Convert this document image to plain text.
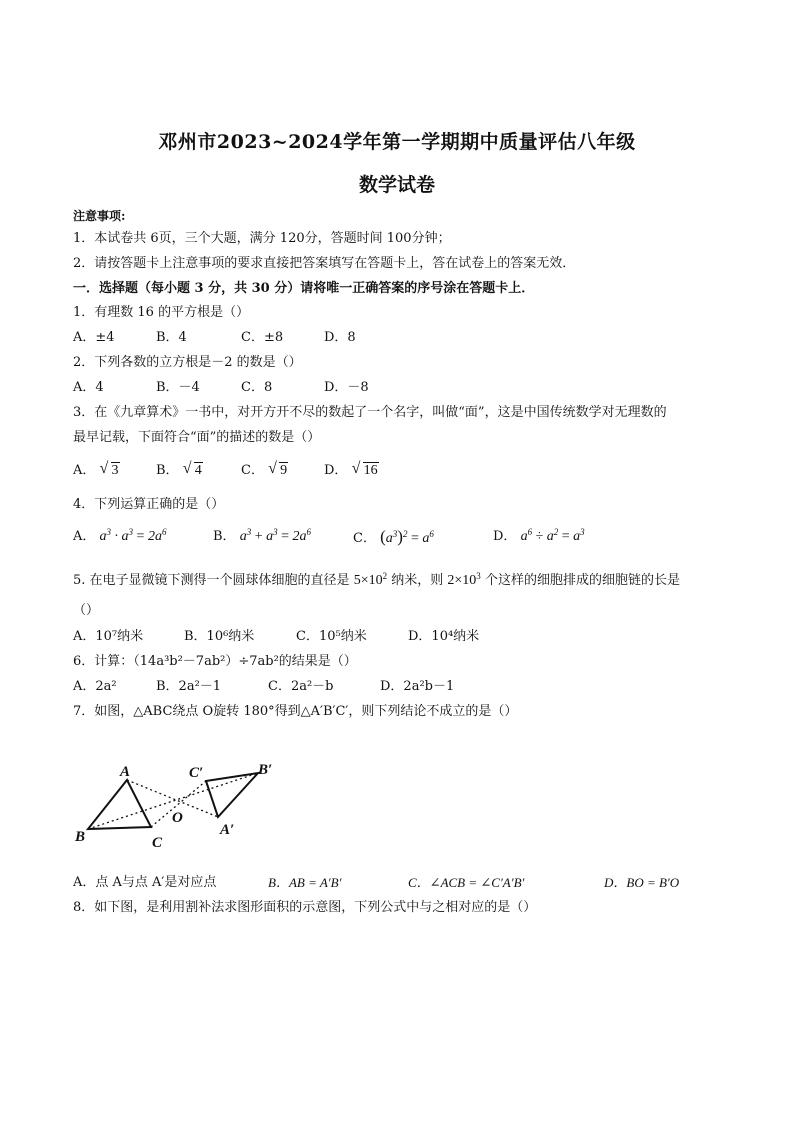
邓州市2023~2024学年第一学期期中质量评估八年级
数学试卷
注意事项:
1．本试卷共 6页，三个大题，满分 120分，答题时间 100分钟；
2．请按答题卡上注意事项的要求直接把答案填写在答题卡上，答在试卷上的答案无效．
一．选择题（每小题 3 分，共 30 分）请将唯一正确答案的序号涂在答题卡上．
1．有理数 16 的平方根是（）
A．±4	B．4	C．±8	D．8
2．下列各数的立方根是－2 的数是（）
A．4	B．－4	C．8	D．－8
3．在《九章算术》一书中，对开方开不尽的数起了一个名字，叫做“面”，这是中国传统数学对无理数的
最早记载，下面符合“面”的描述的数是（）
A． √ 3	B． √ 4	C． √ 9	D． √ 16
4．下列运算正确的是（）
A． $a^3 \cdot a^3 = 2a^6$	B． $a^3 + a^3 = 2a^6$	C． $(a^3)^2 = a^6$	D． $a^6 \div a^2 = a^3$
5. 在电子显微镜下测得一个圆球体细胞的直径是 $5\times 10^2$ 纳米，则 $2\times 10^3$ 个这样的细胞排成的细胞链的长是
（）
A．10⁷纳米	B．10⁶纳米	C．10⁵纳米	D．10⁴纳米
6．计算：（14a³b²－7ab²）÷7ab²的结果是（）
A．2a²	B．2a²－1	C．2a²－b	D．2a²b－1
7．如图，△ABC绕点 O旋转 180°得到△A′B′C′，则下列结论不成立的是（）
A
B	C
C′	B′
A′
O
A．点 A与点 A′是对应点	B．AB = A′B′	C．∠ACB = ∠C′A′B′	D．BO = B′O
8．如下图，是利用割补法求图形面积的示意图，下列公式中与之相对应的是（）
